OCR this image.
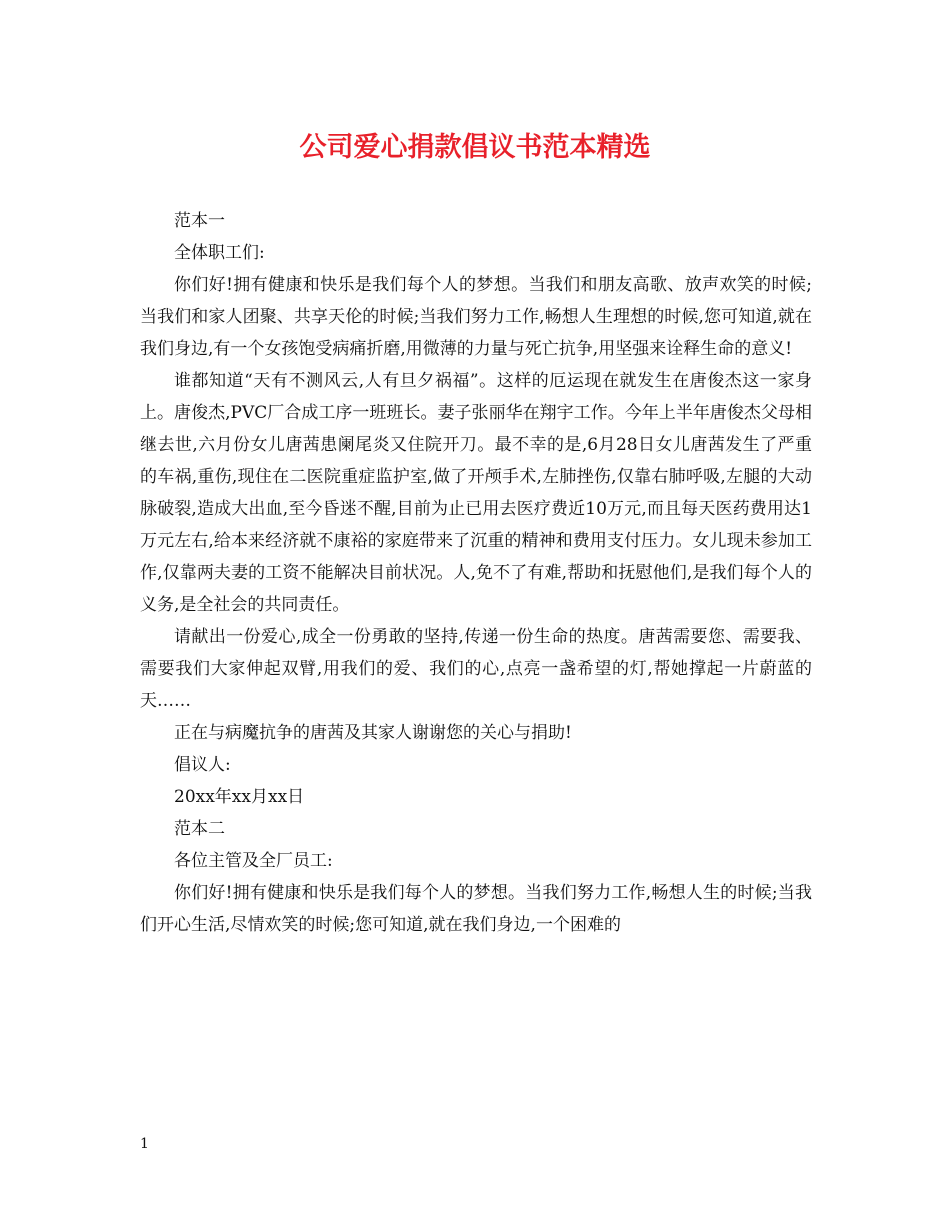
公司爱心捐款倡议书范本精选

范本一

全体职工们:

你们好!拥有健康和快乐是我们每个人的梦想。当我们和朋友高歌、放声欢笑的时候;当我们和家人团聚、共享天伦的时候;当我们努力工作,畅想人生理想的时候,您可知道,就在我们身边,有一个女孩饱受病痛折磨,用微薄的力量与死亡抗争,用坚强来诠释生命的意义!

谁都知道“天有不测风云,人有旦夕祸福”。这样的厄运现在就发生在唐俊杰这一家身上。唐俊杰,PVC厂合成工序一班班长。妻子张丽华在翔宇工作。今年上半年唐俊杰父母相继去世,六月份女儿唐茜患阑尾炎又住院开刀。最不幸的是,6月28日女儿唐茜发生了严重的车祸,重伤,现住在二医院重症监护室,做了开颅手术,左肺挫伤,仅靠右肺呼吸,左腿的大动脉破裂,造成大出血,至今昏迷不醒,目前为止已用去医疗费近10万元,而且每天医药费用达1万元左右,给本来经济就不康裕的家庭带来了沉重的精神和费用支付压力。女儿现未参加工作,仅靠两夫妻的工资不能解决目前状况。人,免不了有难,帮助和抚慰他们,是我们每个人的义务,是全社会的共同责任。

请献出一份爱心,成全一份勇敢的坚持,传递一份生命的热度。唐茜需要您、需要我、需要我们大家伸起双臂,用我们的爱、我们的心,点亮一盏希望的灯,帮她撑起一片蔚蓝的天……

正在与病魔抗争的唐茜及其家人谢谢您的关心与捐助!

倡议人:

20xx年xx月xx日

范本二

各位主管及全厂员工:

你们好!拥有健康和快乐是我们每个人的梦想。当我们努力工作,畅想人生的时候;当我们开心生活,尽情欢笑的时候;您可知道,就在我们身边,一个困难的

1
